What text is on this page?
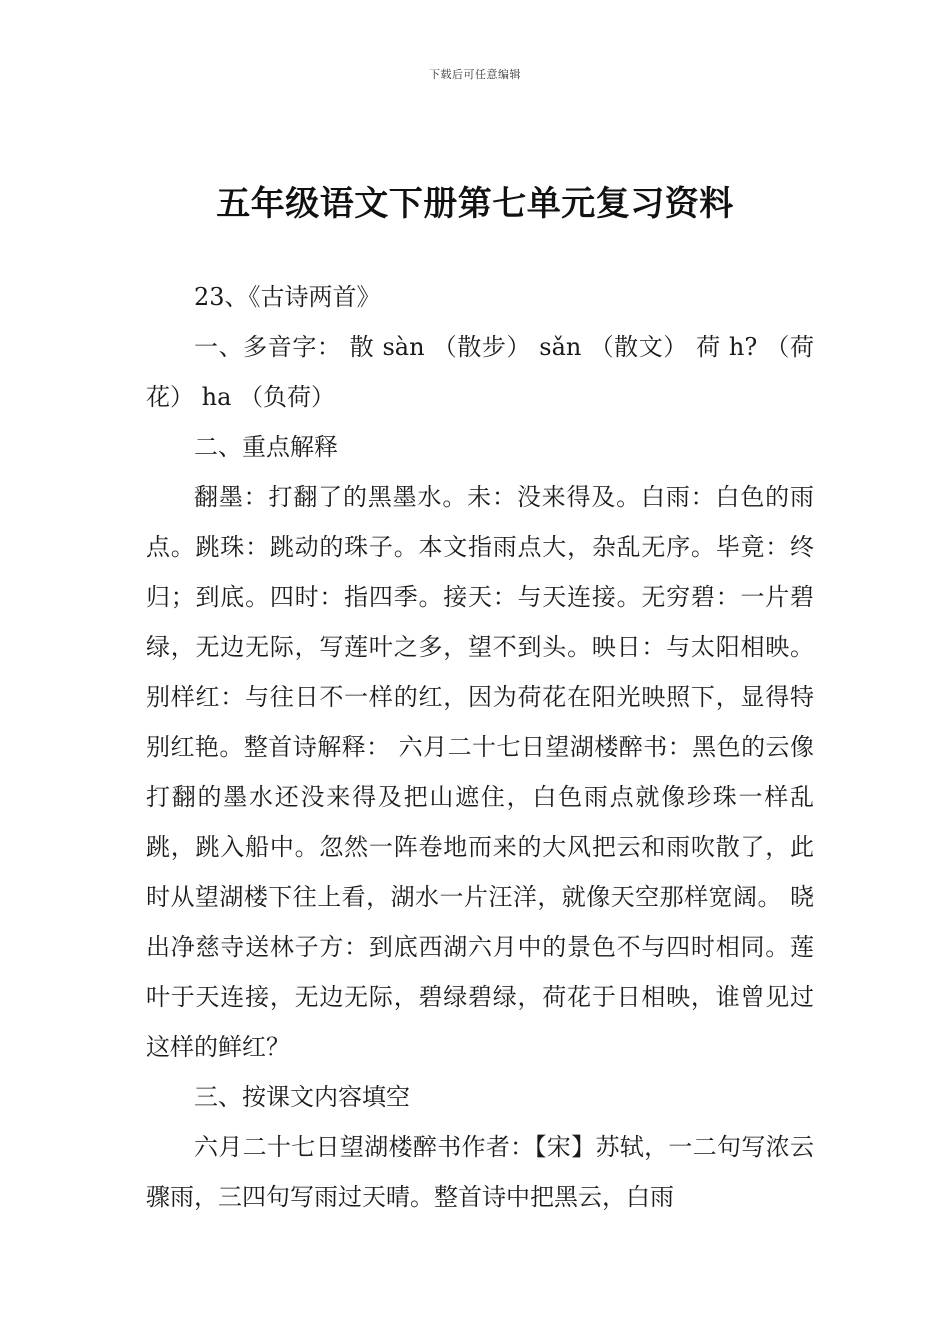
下载后可任意编辑
五年级语文下册第七单元复习资料

23、《古诗两首》

一、多音字： 散 sàn （散步） sǎn （散文） 荷 h? （荷花） ha （负荷）

二、重点解释

翻墨：打翻了的黑墨水。未：没来得及。白雨：白色的雨点。跳珠：跳动的珠子。本文指雨点大，杂乱无序。毕竟：终归；到底。四时：指四季。接天：与天连接。无穷碧：一片碧绿，无边无际，写莲叶之多，望不到头。映日：与太阳相映。别样红：与往日不一样的红，因为荷花在阳光映照下，显得特别红艳。整首诗解释： 六月二十七日望湖楼醉书：黑色的云像打翻的墨水还没来得及把山遮住，白色雨点就像珍珠一样乱跳，跳入船中。忽然一阵卷地而来的大风把云和雨吹散了，此时从望湖楼下往上看，湖水一片汪洋，就像天空那样宽阔。 晓出净慈寺送林子方：到底西湖六月中的景色不与四时相同。莲叶于天连接，无边无际，碧绿碧绿，荷花于日相映，谁曾见过这样的鲜红？

三、按课文内容填空

六月二十七日望湖楼醉书作者：【宋】苏轼，一二句写浓云骤雨，三四句写雨过天晴。整首诗中把黑云，白雨
